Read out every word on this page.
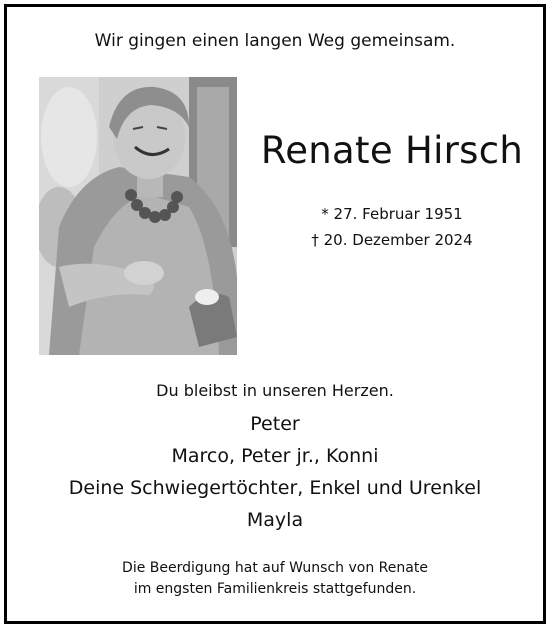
Wir gingen einen langen Weg gemeinsam.
Renate Hirsch
* 27. Februar 1951
† 20. Dezember 2024
Du bleibst in unseren Herzen.
Peter
Marco, Peter jr., Konni
Deine Schwiegertöchter, Enkel und Urenkel
Mayla
Die Beerdigung hat auf Wunsch von Renate
im engsten Familienkreis stattgefunden.
